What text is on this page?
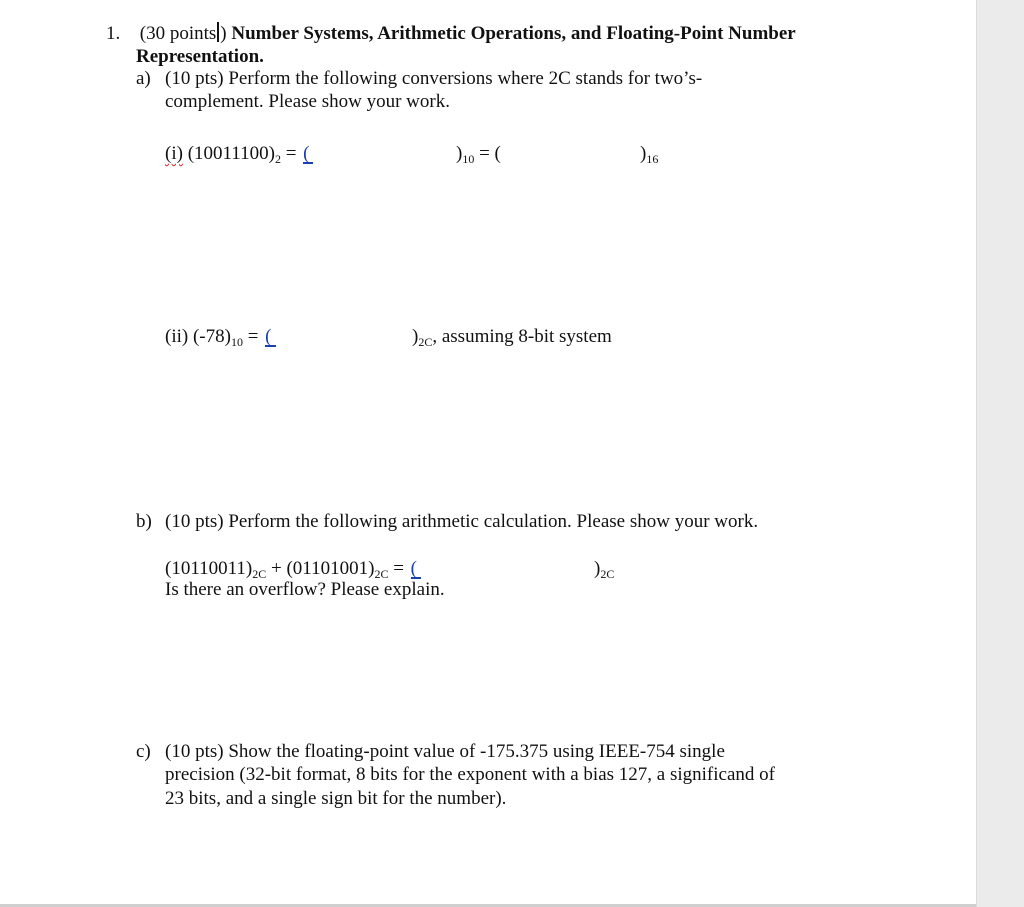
1. (30 points ) Number Systems, Arithmetic Operations, and Floating-Point Number
Representation.
a) (10 pts) Perform the following conversions where 2C stands for two’s-
complement. Please show your work.
(i) $(10011100)_2$ = (	)$_{10}$ = (	)$_{16}$
(ii) $(-78)_{10}$ = (	)$_{2C}$, assuming 8-bit system
b) (10 pts) Perform the following arithmetic calculation. Please show your work.
$(10110011)_{2C} + (01101001)_{2C}$ = (	)$_{2C}$
Is there an overflow? Please explain.
c) (10 pts) Show the floating-point value of -175.375 using IEEE-754 single
precision (32-bit format, 8 bits for the exponent with a bias 127, a significand of
23 bits, and a single sign bit for the number).
